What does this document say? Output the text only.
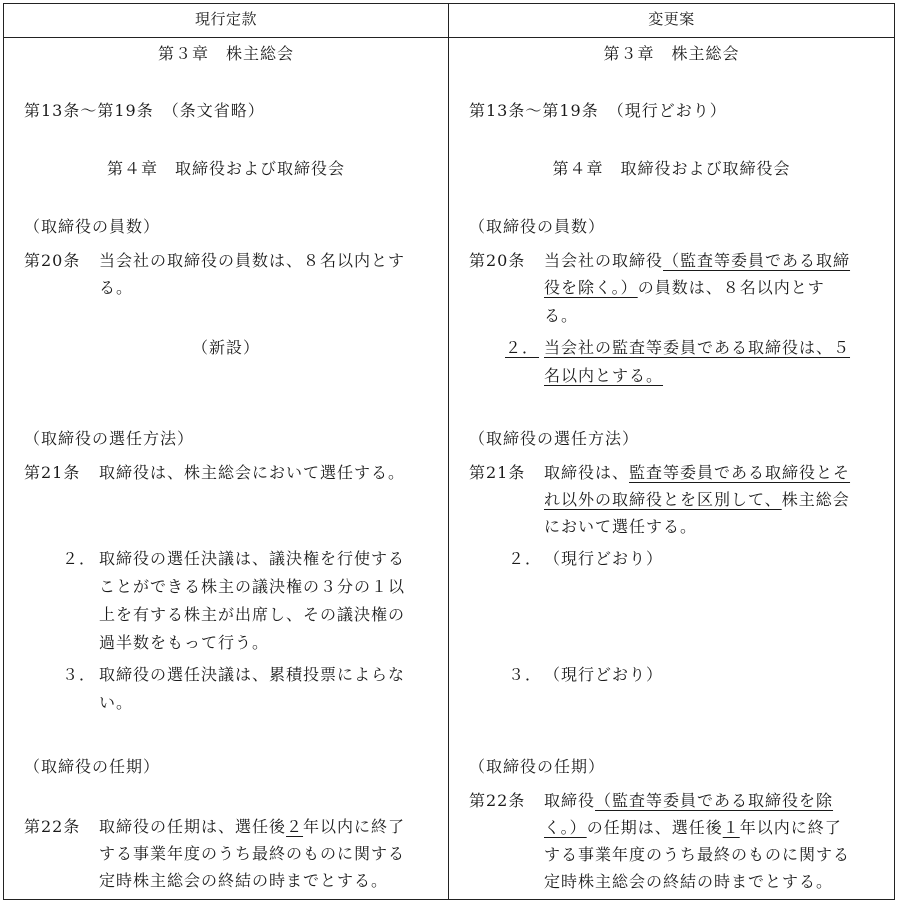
現行定款	変更案
第３章　株主総会
第13条～第19条　（条文省略）
第４章　取締役および取締役会
（取締役の員数）
第20条 当会社の取締役の員数は、８名以内とす
る。
（新設）
（取締役の選任方法）
第21条 取締役は、株主総会において選任する。
２． 取締役の選任決議は、議決権を行使する
ことができる株主の議決権の３分の１以
上を有する株主が出席し、その議決権の
過半数をもって行う。
３． 取締役の選任決議は、累積投票によらな
い。
（取締役の任期）
第22条 取締役の任期は、選任後２年以内に終了
する事業年度のうち最終のものに関する
定時株主総会の終結の時までとする。
第３章　株主総会
第13条～第19条　（現行どおり）
第４章　取締役および取締役会
（取締役の員数）
第20条 当会社の取締役（監査等委員である取締
役を除く。）の員数は、８名以内とす
る。
２． 当会社の監査等委員である取締役は、５
名以内とする。
（取締役の選任方法）
第21条 取締役は、監査等委員である取締役とそ
れ以外の取締役とを区別して、株主総会
において選任する。
２． （現行どおり）
３． （現行どおり）
（取締役の任期）
第22条 取締役（監査等委員である取締役を除
く。）の任期は、選任後１年以内に終了
する事業年度のうち最終のものに関する
定時株主総会の終結の時までとする。
